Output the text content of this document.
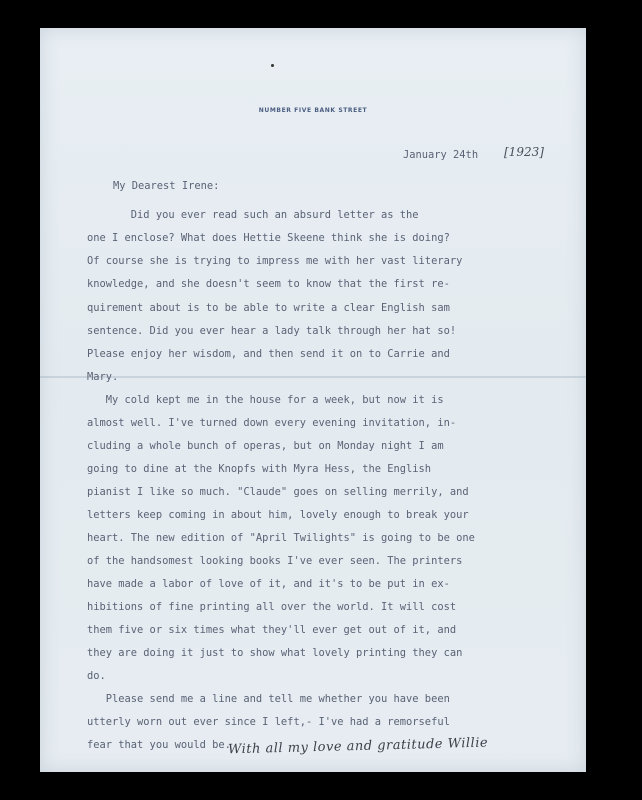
NUMBER FIVE BANK STREET
January 24th [1923]
My Dearest Irene:
Did you ever read such an absurd letter as the
one I enclose? What does Hettie Skeene think she is doing?
Of course she is trying to impress me with her vast literary
knowledge, and she doesn't seem to know that the first re-
quirement about is to be able to write a clear English sam
sentence. Did you ever hear a lady talk through her hat so!
Please enjoy her wisdom, and then send it on to Carrie and
Mary.
My cold kept me in the house for a week, but now it is
almost well. I've turned down every evening invitation, in-
cluding a whole bunch of operas, but on Monday night I am
going to dine at the Knopfs with Myra Hess, the English
pianist I like so much. "Claude" goes on selling merrily, and
letters keep coming in about him, lovely enough to break your
heart. The new edition of "April Twilights" is going to be one
of the handsomest looking books I've ever seen. The printers
have made a labor of love of it, and it's to be put in ex-
hibitions of fine printing all over the world. It will cost
them five or six times what they'll ever get out of it, and
they are doing it just to show what lovely printing they can
do.
Please send me a line and tell me whether you have been
utterly worn out ever since I left,- I've had a remorseful
fear that you would be.
With all my love and gratitude Willie
